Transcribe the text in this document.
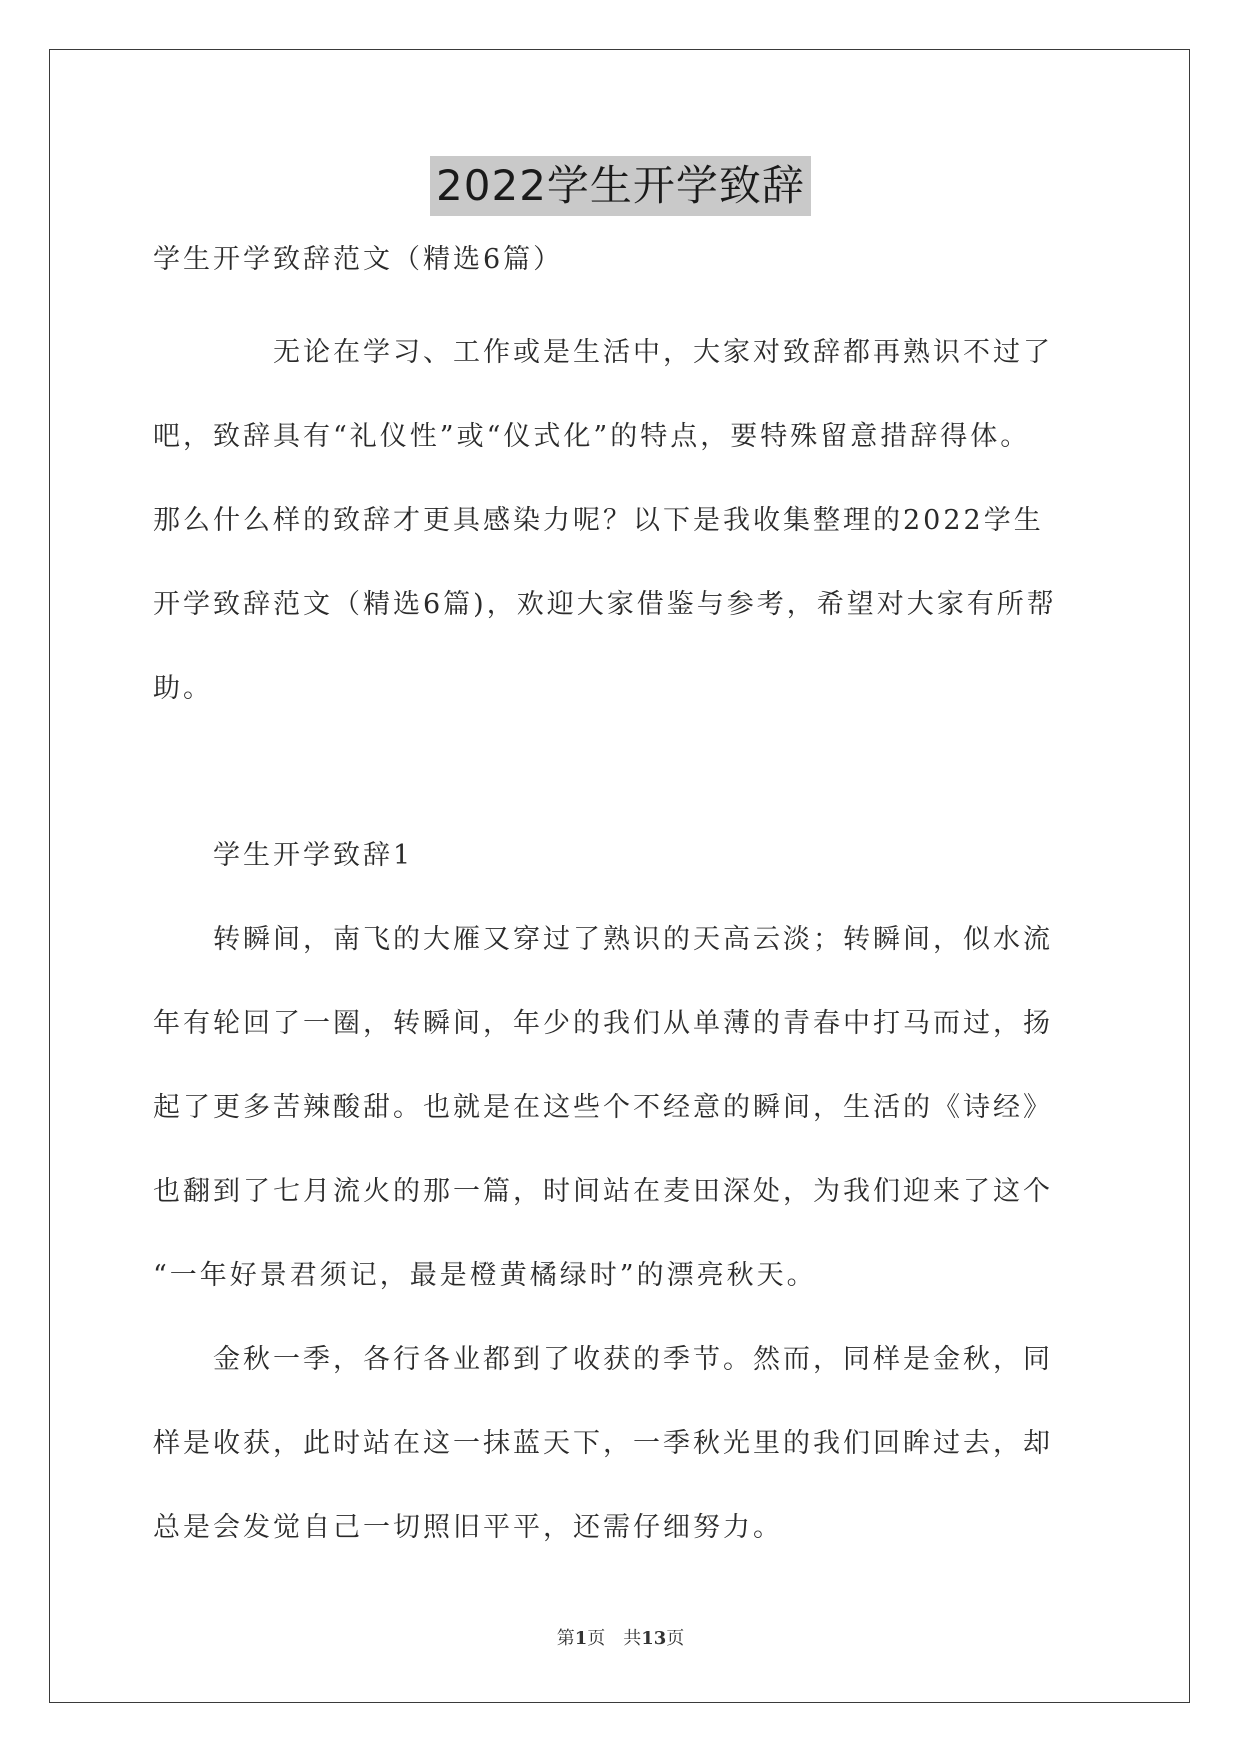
2022学生开学致辞
学生开学致辞范文（精选6篇）
　　　　无论在学习、工作或是生活中，大家对致辞都再熟识不过了
吧，致辞具有“礼仪性”或“仪式化”的特点，要特殊留意措辞得体。
那么什么样的致辞才更具感染力呢？以下是我收集整理的2022学生
开学致辞范文（精选6篇)，欢迎大家借鉴与参考，希望对大家有所帮
助。
　　学生开学致辞1
　　转瞬间，南飞的大雁又穿过了熟识的天高云淡；转瞬间，似水流
年有轮回了一圈，转瞬间，年少的我们从单薄的青春中打马而过，扬
起了更多苦辣酸甜。也就是在这些个不经意的瞬间，生活的《诗经》
也翻到了七月流火的那一篇，时间站在麦田深处，为我们迎来了这个
“一年好景君须记，最是橙黄橘绿时”的漂亮秋天。
　　金秋一季，各行各业都到了收获的季节。然而，同样是金秋，同
样是收获，此时站在这一抹蓝天下，一季秋光里的我们回眸过去，却
总是会发觉自己一切照旧平平，还需仔细努力。
第1页　共13页
